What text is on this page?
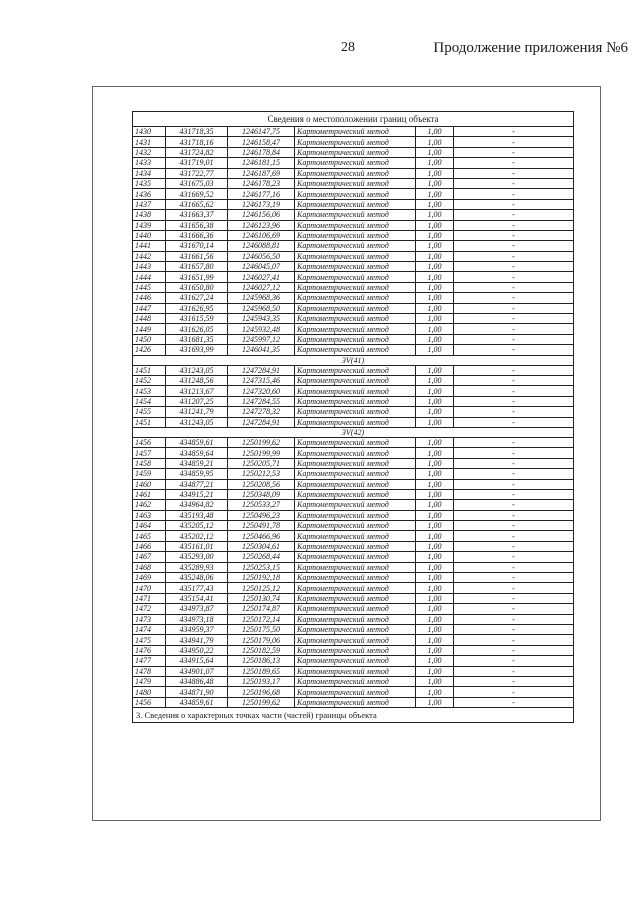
28	Продолжение приложения №6
Сведения о местоположении границ объекта					
1430	431718,35	1246147,75	Картометрический метод	1,00	-
1431	431718,16	1246158,47	Картометрический метод	1,00	-
1432	431724,82	1246178,84	Картометрический метод	1,00	-
1433	431719,01	1246181,15	Картометрический метод	1,00	-
1434	431722,77	1246187,69	Картометрический метод	1,00	-
1435	431675,03	1246178,23	Картометрический метод	1,00	-
1436	431669,52	1246177,16	Картометрический метод	1,00	-
1437	431665,62	1246173,19	Картометрический метод	1,00	-
1438	431663,37	1246156,06	Картометрический метод	1,00	-
1439	431656,38	1246123,96	Картометрический метод	1,00	-
1440	431666,36	1246106,69	Картометрический метод	1,00	-
1441	431670,14	1246088,81	Картометрический метод	1,00	-
1442	431661,56	1246056,50	Картометрический метод	1,00	-
1443	431657,80	1246045,07	Картометрический метод	1,00	-
1444	431651,99	1246027,41	Картометрический метод	1,00	-
1445	431650,80	1246027,12	Картометрический метод	1,00	-
1446	431627,24	1245968,36	Картометрический метод	1,00	-
1447	431626,95	1245968,50	Картометрический метод	1,00	-
1448	431615,59	1245943,35	Картометрический метод	1,00	-
1449	431626,05	1245932,48	Картометрический метод	1,00	-
1450	431681,35	1245997,12	Картометрический метод	1,00	-
1426	431693,99	1246041,35	Картометрический метод	1,00	-
3V(41)					
1451	431243,05	1247284,91	Картометрический метод	1,00	-
1452	431248,56	1247315,46	Картометрический метод	1,00	-
1453	431213,67	1247320,60	Картометрический метод	1,00	-
1454	431207,25	1247284,55	Картометрический метод	1,00	-
1455	431241,79	1247278,32	Картометрический метод	1,00	-
1451	431243,05	1247284,91	Картометрический метод	1,00	-
3V(42)					
1456	434859,61	1250199,62	Картометрический метод	1,00	-
1457	434859,64	1250199,99	Картометрический метод	1,00	-
1458	434859,21	1250205,71	Картометрический метод	1,00	-
1459	434859,95	1250212,53	Картометрический метод	1,00	-
1460	434877,21	1250208,56	Картометрический метод	1,00	-
1461	434915,21	1250348,09	Картометрический метод	1,00	-
1462	434964,82	1250533,27	Картометрический метод	1,00	-
1463	435193,48	1250496,23	Картометрический метод	1,00	-
1464	435205,12	1250491,78	Картометрический метод	1,00	-
1465	435202,12	1250466,96	Картометрический метод	1,00	-
1466	435161,01	1250304,61	Картометрический метод	1,00	-
1467	435293,00	1250268,44	Картометрический метод	1,00	-
1468	435289,93	1250253,15	Картометрический метод	1,00	-
1469	435248,06	1250192,18	Картометрический метод	1,00	-
1470	435177,43	1250125,12	Картометрический метод	1,00	-
1471	435154,41	1250130,74	Картометрический метод	1,00	-
1472	434973,87	1250174,87	Картометрический метод	1,00	-
1473	434973,18	1250172,14	Картометрический метод	1,00	-
1474	434959,37	1250175,50	Картометрический метод	1,00	-
1475	434941,79	1250179,06	Картометрический метод	1,00	-
1476	434950,22	1250182,59	Картометрический метод	1,00	-
1477	434915,64	1250186,13	Картометрический метод	1,00	-
1478	434901,07	1250189,65	Картометрический метод	1,00	-
1479	434886,48	1250193,17	Картометрический метод	1,00	-
1480	434871,90	1250196,68	Картометрический метод	1,00	-
1456	434859,61	1250199,62	Картометрический метод	1,00	-
3. Сведения о характерных точках части (частей) границы объекта					
